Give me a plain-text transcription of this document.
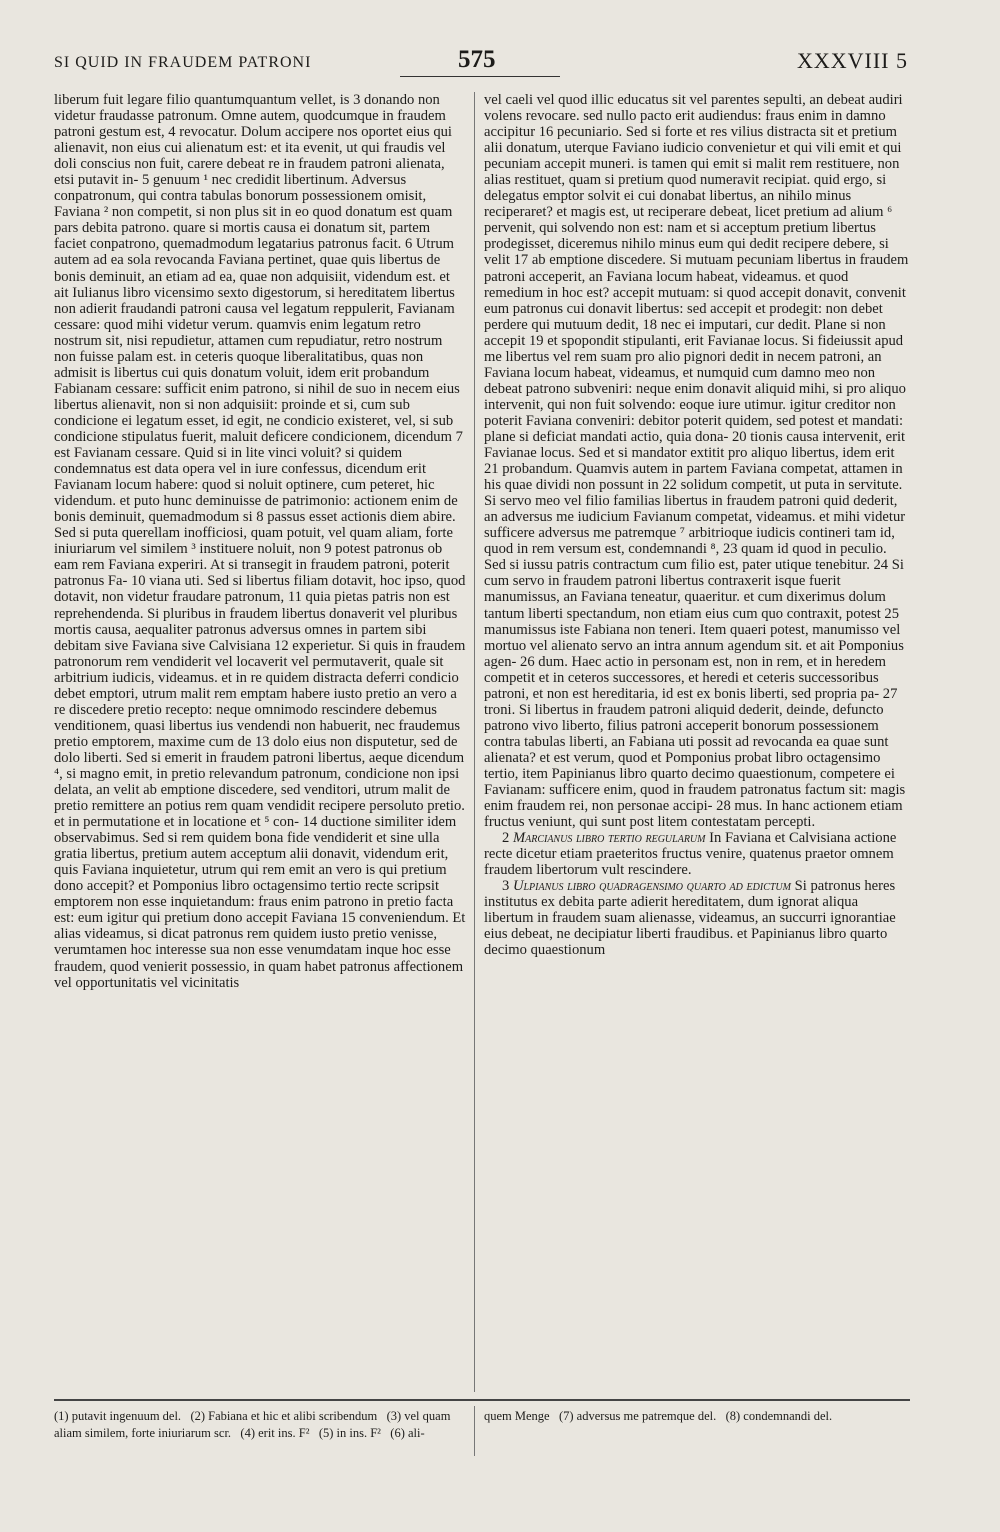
SI QUID IN FRAUDEM PATRONI	575	XXXVIII 5

liberum fuit legare filio quantumquantum vellet, is 3 donando non videtur fraudasse patronum. Omne autem, quodcumque in fraudem patroni gestum est, 4 revocatur. Dolum accipere nos oportet eius qui alienavit, non eius cui alienatum est: et ita evenit, ut qui fraudis vel doli conscius non fuit, carere debeat re in fraudem patroni alienata, etsi putavit in- 5 genuum ¹ nec credidit libertinum. Adversus conpatronum, qui contra tabulas bonorum possessionem omisit, Faviana ² non competit, si non plus sit in eo quod donatum est quam pars debita patrono. quare si mortis causa ei donatum sit, partem faciet conpatrono, quemadmodum legatarius patronus facit. 6 Utrum autem ad ea sola revocanda Faviana pertinet, quae quis libertus de bonis deminuit, an etiam ad ea, quae non adquisiit, videndum est. et ait Iulianus libro vicensimo sexto digestorum, si hereditatem libertus non adierit fraudandi patroni causa vel legatum reppulerit, Favianam cessare: quod mihi videtur verum. quamvis enim legatum retro nostrum sit, nisi repudietur, attamen cum repudiatur, retro nostrum non fuisse palam est. in ceteris quoque liberalitatibus, quas non admisit is libertus cui quis donatum voluit, idem erit probandum Fabianam cessare: sufficit enim patrono, si nihil de suo in necem eius libertus alienavit, non si non adquisiit: proinde et si, cum sub condicione ei legatum esset, id egit, ne condicio existeret, vel, si sub condicione stipulatus fuerit, maluit deficere condicionem, dicendum 7 est Favianam cessare. Quid si in lite vinci voluit? si quidem condemnatus est data opera vel in iure confessus, dicendum erit Favianam locum habere: quod si noluit optinere, cum peteret, hic videndum. et puto hunc deminuisse de patrimonio: actionem enim de bonis deminuit, quemadmodum si 8 passus esset actionis diem abire. Sed si puta querellam inofficiosi, quam potuit, vel quam aliam, forte iniuriarum vel similem ³ instituere noluit, non 9 potest patronus ob eam rem Faviana experiri. At si transegit in fraudem patroni, poterit patronus Fa- 10 viana uti. Sed si libertus filiam dotavit, hoc ipso, quod dotavit, non videtur fraudare patronum, 11 quia pietas patris non est reprehendenda. Si pluribus in fraudem libertus donaverit vel pluribus mortis causa, aequaliter patronus adversus omnes in partem sibi debitam sive Faviana sive Calvisiana 12 experietur. Si quis in fraudem patronorum rem vendiderit vel locaverit vel permutaverit, quale sit arbitrium iudicis, videamus. et in re quidem distracta deferri condicio debet emptori, utrum malit rem emptam habere iusto pretio an vero a re discedere pretio recepto: neque omnimodo rescindere debemus venditionem, quasi libertus ius vendendi non habuerit, nec fraudemus pretio emptorem, maxime cum de 13 dolo eius non disputetur, sed de dolo liberti. Sed si emerit in fraudem patroni libertus, aeque dicendum ⁴, si magno emit, in pretio relevandum patronum, condicione non ipsi delata, an velit ab emptione discedere, sed venditori, utrum malit de pretio remittere an potius rem quam vendidit recipere persoluto pretio. et in permutatione et in locatione et ⁵ con- 14 ductione similiter idem observabimus. Sed si rem quidem bona fide vendiderit et sine ulla gratia libertus, pretium autem acceptum alii donavit, videndum erit, quis Faviana inquietetur, utrum qui rem emit an vero is qui pretium dono accepit? et Pomponius libro octagensimo tertio recte scripsit emptorem non esse inquietandum: fraus enim patrono in pretio facta est: eum igitur qui pretium dono accepit Faviana 15 conveniendum. Et alias videamus, si dicat patronus rem quidem iusto pretio venisse, verumtamen hoc interesse sua non esse venumdatam inque hoc esse fraudem, quod venierit possessio, in quam habet patronus affectionem vel opportunitatis vel vicinitatis

vel caeli vel quod illic educatus sit vel parentes sepulti, an debeat audiri volens revocare. sed nullo pacto erit audiendus: fraus enim in damno accipitur 16 pecuniario. Sed si forte et res vilius distracta sit et pretium alii donatum, uterque Faviano iudicio convenietur et qui vili emit et qui pecuniam accepit muneri. is tamen qui emit si malit rem restituere, non alias restituet, quam si pretium quod numeravit recipiat. quid ergo, si delegatus emptor solvit ei cui donabat libertus, an nihilo minus reciperaret? et magis est, ut reciperare debeat, licet pretium ad alium ⁶ pervenit, qui solvendo non est: nam et si acceptum pretium libertus prodegisset, diceremus nihilo minus eum qui dedit recipere debere, si velit 17 ab emptione discedere. Si mutuam pecuniam libertus in fraudem patroni acceperit, an Faviana locum habeat, videamus. et quod remedium in hoc est? accepit mutuam: si quod accepit donavit, convenit eum patronus cui donavit libertus: sed accepit et prodegit: non debet perdere qui mutuum dedit, 18 nec ei imputari, cur dedit. Plane si non accepit 19 et spopondit stipulanti, erit Favianae locus. Si fideiussit apud me libertus vel rem suam pro alio pignori dedit in necem patroni, an Faviana locum habeat, videamus, et numquid cum damno meo non debeat patrono subveniri: neque enim donavit aliquid mihi, si pro aliquo intervenit, qui non fuit solvendo: eoque iure utimur. igitur creditor non poterit Faviana conveniri: debitor poterit quidem, sed potest et mandati: plane si deficiat mandati actio, quia dona- 20 tionis causa intervenit, erit Favianae locus. Sed et si mandator extitit pro aliquo libertus, idem erit 21 probandum. Quamvis autem in partem Faviana competat, attamen in his quae dividi non possunt in 22 solidum competit, ut puta in servitute. Si servo meo vel filio familias libertus in fraudem patroni quid dederit, an adversus me iudicium Favianum competat, videamus. et mihi videtur sufficere adversus me patremque ⁷ arbitrioque iudicis contineri tam id, quod in rem versum est, condemnandi ⁸, 23 quam id quod in peculio. Sed si iussu patris contractum cum filio est, pater utique tenebitur. 24 Si cum servo in fraudem patroni libertus contraxerit isque fuerit manumissus, an Faviana teneatur, quaeritur. et cum dixerimus dolum tantum liberti spectandum, non etiam eius cum quo contraxit, potest 25 manumissus iste Fabiana non teneri. Item quaeri potest, manumisso vel mortuo vel alienato servo an intra annum agendum sit. et ait Pomponius agen- 26 dum. Haec actio in personam est, non in rem, et in heredem competit et in ceteros successores, et heredi et ceteris successoribus patroni, et non est hereditaria, id est ex bonis liberti, sed propria pa- 27 troni. Si libertus in fraudem patroni aliquid dederit, deinde, defuncto patrono vivo liberto, filius patroni acceperit bonorum possessionem contra tabulas liberti, an Fabiana uti possit ad revocanda ea quae sunt alienata? et est verum, quod et Pomponius probat libro octagensimo tertio, item Papinianus libro quarto decimo quaestionum, competere ei Favianam: sufficere enim, quod in fraudem patronatus factum sit: magis enim fraudem rei, non personae accipi- 28 mus. In hanc actionem etiam fructus veniunt, qui sunt post litem contestatam percepti.

2 Marcianus libro tertio regularum In Faviana et Calvisiana actione recte dicetur etiam praeteritos fructus venire, quatenus praetor omnem fraudem libertorum vult rescindere.

3 Ulpianus libro quadragensimo quarto ad edictum Si patronus heres institutus ex debita parte adierit hereditatem, dum ignorat aliqua libertum in fraudem suam alienasse, videamus, an succurri ignorantiae eius debeat, ne decipiatur liberti fraudibus. et Papinianus libro quarto decimo quaestionum

(1) putavit ingenuum del. (2) Fabiana et hic et alibi scribendum (3) vel quam aliam similem, forte iniuriarum scr. (4) erit ins. F² (5) in ins. F² (6) ali-
quem Menge (7) adversus me patremque del. (8) condemnandi del.
